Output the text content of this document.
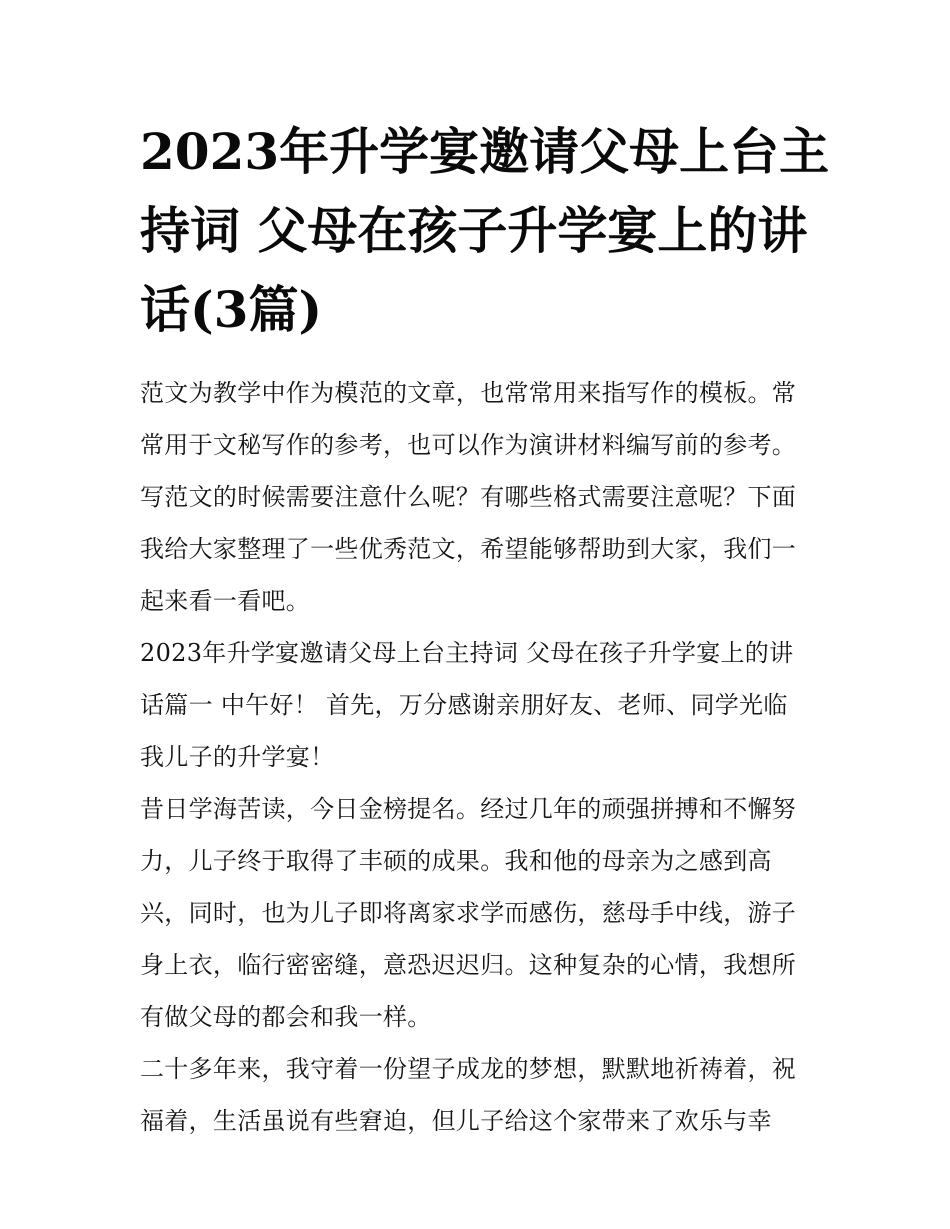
2023年升学宴邀请父母上台主
持词 父母在孩子升学宴上的讲
话(3篇)

范文为教学中作为模范的文章，也常常用来指写作的模板。常
常用于文秘写作的参考，也可以作为演讲材料编写前的参考。
写范文的时候需要注意什么呢？有哪些格式需要注意呢？下面
我给大家整理了一些优秀范文，希望能够帮助到大家，我们一
起来看一看吧。

2023年升学宴邀请父母上台主持词 父母在孩子升学宴上的讲
话篇一 中午好！ 首先，万分感谢亲朋好友、老师、同学光临
我儿子的升学宴！

昔日学海苦读，今日金榜提名。经过几年的顽强拼搏和不懈努
力，儿子终于取得了丰硕的成果。我和他的母亲为之感到高
兴，同时，也为儿子即将离家求学而感伤，慈母手中线，游子
身上衣，临行密密缝，意恐迟迟归。这种复杂的心情，我想所
有做父母的都会和我一样。

二十多年来，我守着一份望子成龙的梦想，默默地祈祷着，祝
福着，生活虽说有些窘迫，但儿子给这个家带来了欢乐与幸
